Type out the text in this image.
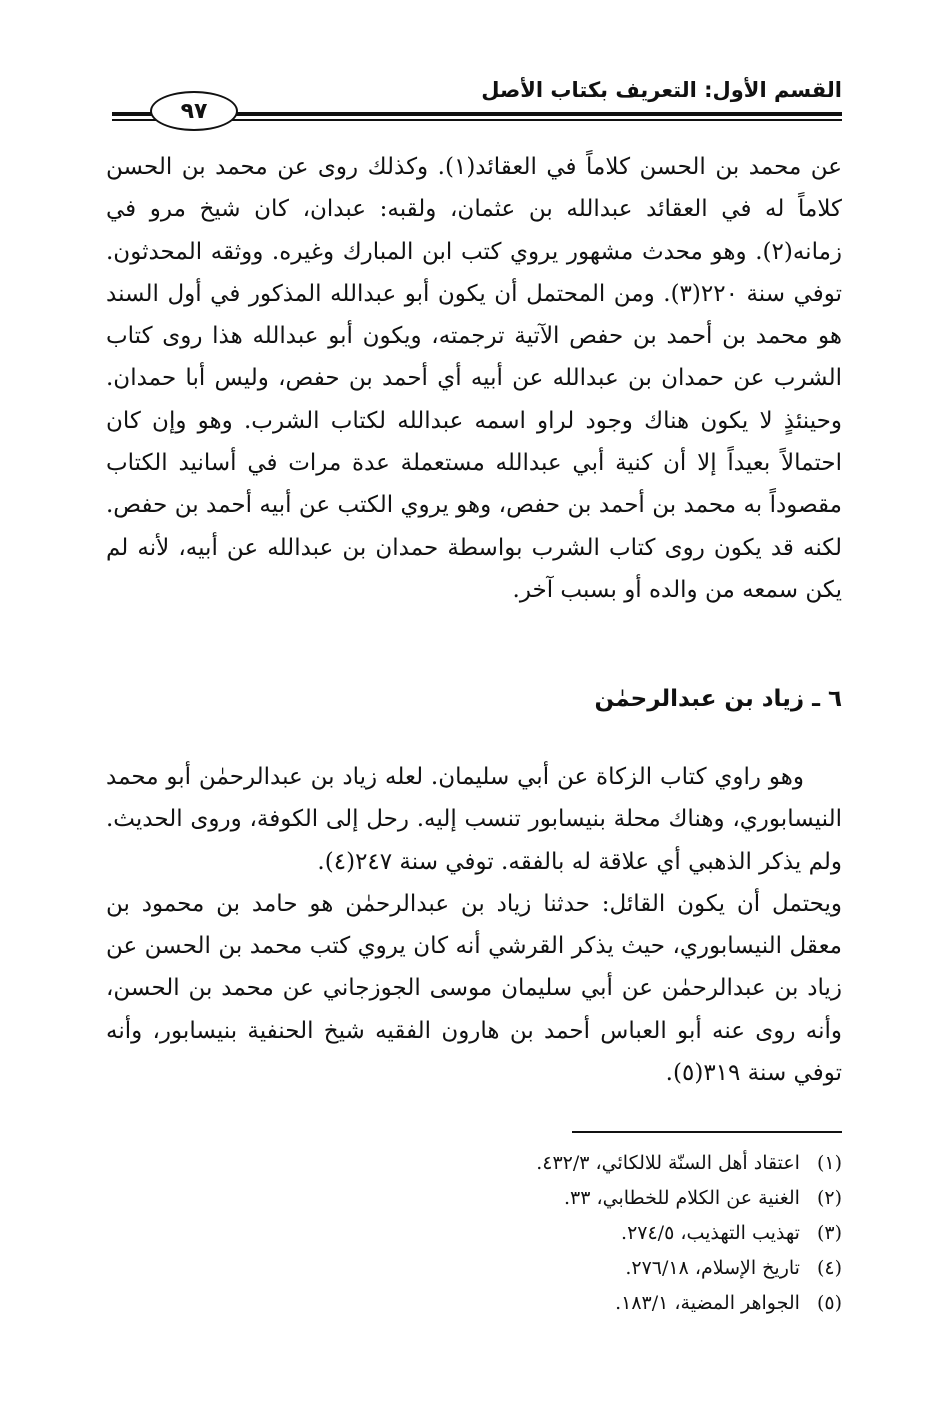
القسم الأول: التعريف بكتاب الأصل
٩٧

عن محمد بن الحسن كلاماً في العقائد(١). وكذلك روى عن محمد بن الحسن كلاماً له في العقائد عبدالله بن عثمان، ولقبه: عبدان، كان شيخ مرو في زمانه(٢). وهو محدث مشهور يروي كتب ابن المبارك وغيره. ووثقه المحدثون. توفي سنة ٢٢٠(٣). ومن المحتمل أن يكون أبو عبدالله المذكور في أول السند هو محمد بن أحمد بن حفص الآتية ترجمته، ويكون أبو عبدالله هذا روى كتاب الشرب عن حمدان بن عبدالله عن أبيه أي أحمد بن حفص، وليس أبا حمدان. وحينئذٍ لا يكون هناك وجود لراو اسمه عبدالله لكتاب الشرب. وهو وإن كان احتمالاً بعيداً إلا أن كنية أبي عبدالله مستعملة عدة مرات في أسانيد الكتاب مقصوداً به محمد بن أحمد بن حفص، وهو يروي الكتب عن أبيه أحمد بن حفص. لكنه قد يكون روى كتاب الشرب بواسطة حمدان بن عبدالله عن أبيه، لأنه لم يكن سمعه من والده أو بسبب آخر.

٦ ـ زياد بن عبدالرحمٰن

وهو راوي كتاب الزكاة عن أبي سليمان. لعله زياد بن عبدالرحمٰن أبو محمد النيسابوري، وهناك محلة بنيسابور تنسب إليه. رحل إلى الكوفة، وروى الحديث. ولم يذكر الذهبي أي علاقة له بالفقه. توفي سنة ٢٤٧(٤).

ويحتمل أن يكون القائل: حدثنا زياد بن عبدالرحمٰن هو حامد بن محمود بن معقل النيسابوري، حيث يذكر القرشي أنه كان يروي كتب محمد بن الحسن عن زياد بن عبدالرحمٰن عن أبي سليمان موسى الجوزجاني عن محمد بن الحسن، وأنه روى عنه أبو العباس أحمد بن هارون الفقيه شيخ الحنفية بنيسابور، وأنه توفي سنة ٣١٩(٥).

(١) اعتقاد أهل السنّة للالكائي، ٤٣٢/٣.
(٢) الغنية عن الكلام للخطابي، ٣٣.
(٣) تهذيب التهذيب، ٢٧٤/٥.
(٤) تاريخ الإسلام، ٢٧٦/١٨.
(٥) الجواهر المضية، ١٨٣/١.
